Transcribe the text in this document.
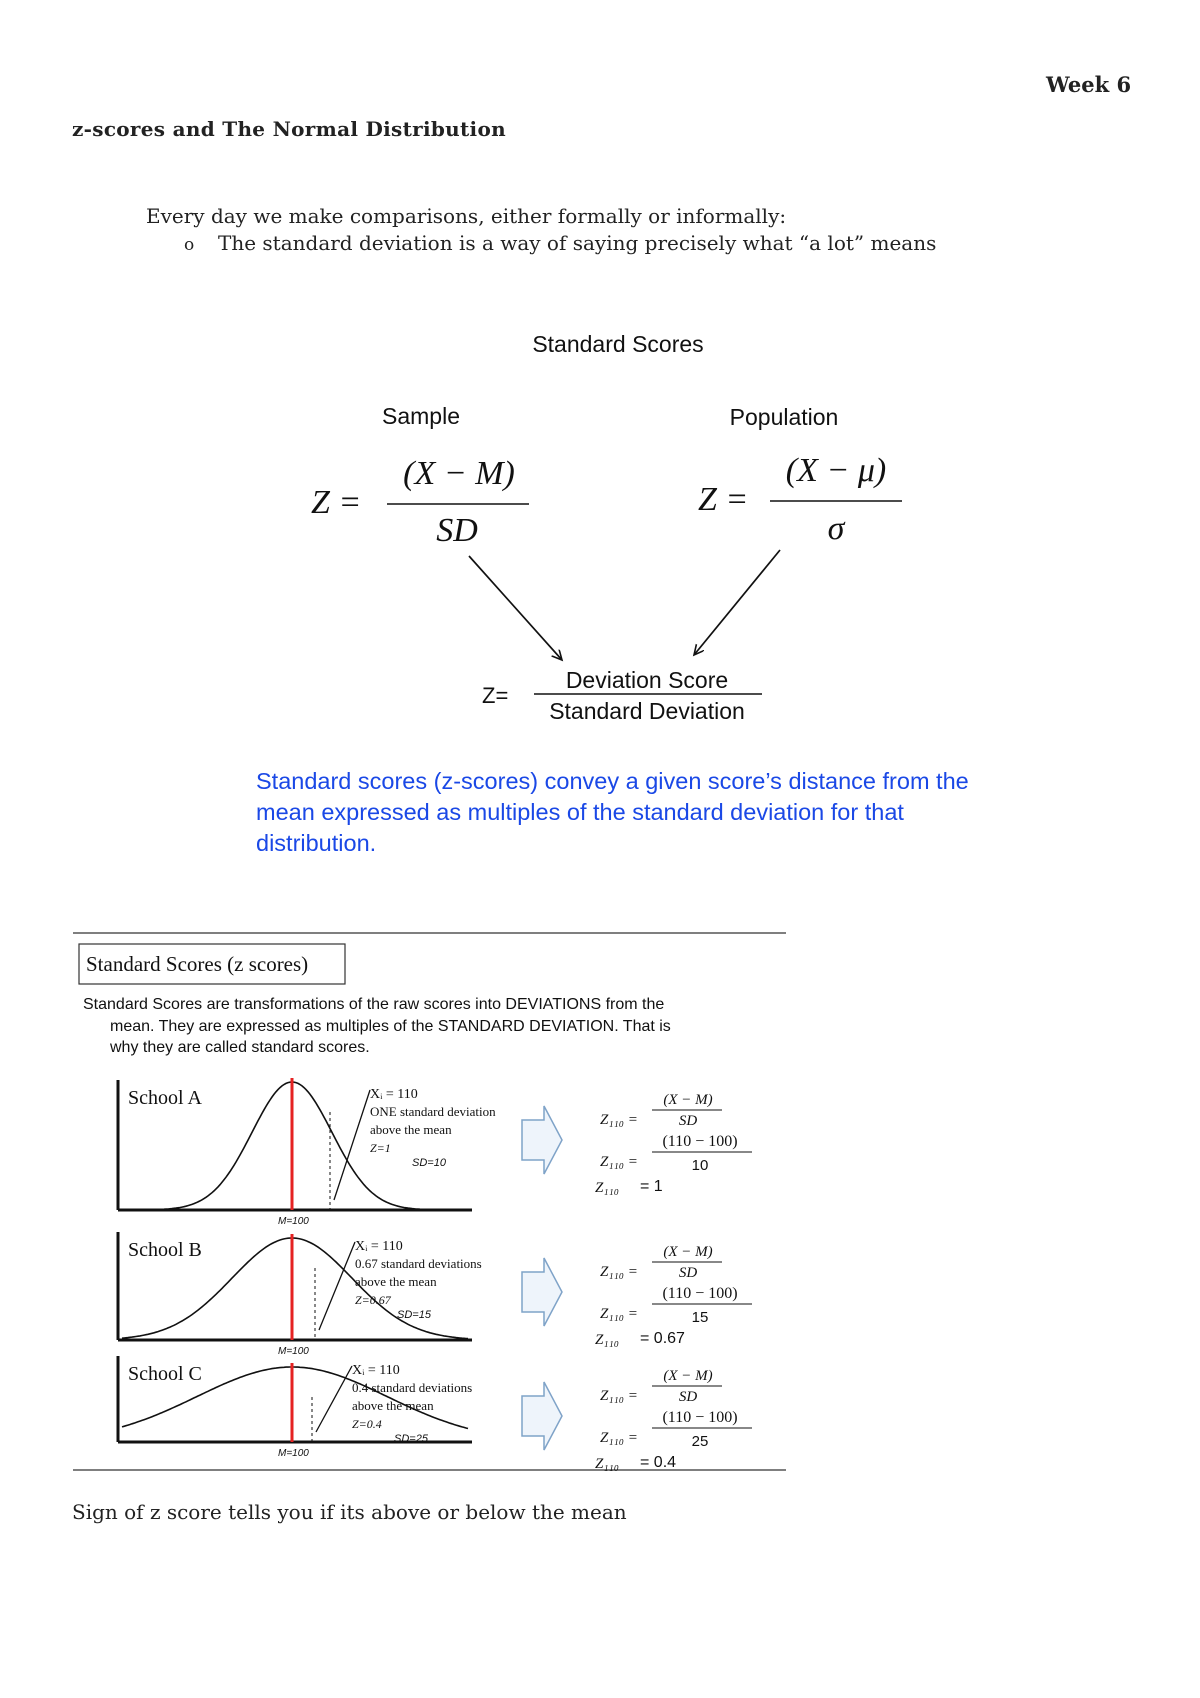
Week 6
z-scores and The Normal Distribution
Every day we make comparisons, either formally or informally:
o The standard deviation is a way of saying precisely what “a lot” means
Standard Scores
Sample	Population
Z =
(X − M)
SD
Z =
(X − μ)
σ
Z=
Deviation Score
Standard Deviation
Standard scores (z-scores) convey a given score’s distance from the mean expressed as multiples of the standard deviation for that distribution.
Standard Scores (z scores)
Standard Scores are transformations of the raw scores into DEVIATIONS from the
mean. They are expressed as multiples of the STANDARD DEVIATION. That is
why they are called standard scores.
School A	Xᵢ = 110
ONE standard deviation
above the mean
Z=1
SD=10
M=100
Z₁₁₀ =
(X − M)
SD
Z₁₁₀ =
(110 − 100)
10
Z₁₁₀ = 1
School B	Xᵢ = 110
0.67 standard deviations
above the mean
Z=0.67
SD=15
M=100
Z₁₁₀ =
(X − M)
SD
Z₁₁₀ =
(110 − 100)
15
Z₁₁₀ = 0.67
School C	Xᵢ = 110
0.4 standard deviations
above the mean
Z=0.4
SD=25
M=100
Z₁₁₀ =
(X − M)
SD
Z₁₁₀ =
(110 − 100)
25
Z₁₁₀ = 0.4
Sign of z score tells you if its above or below the mean
